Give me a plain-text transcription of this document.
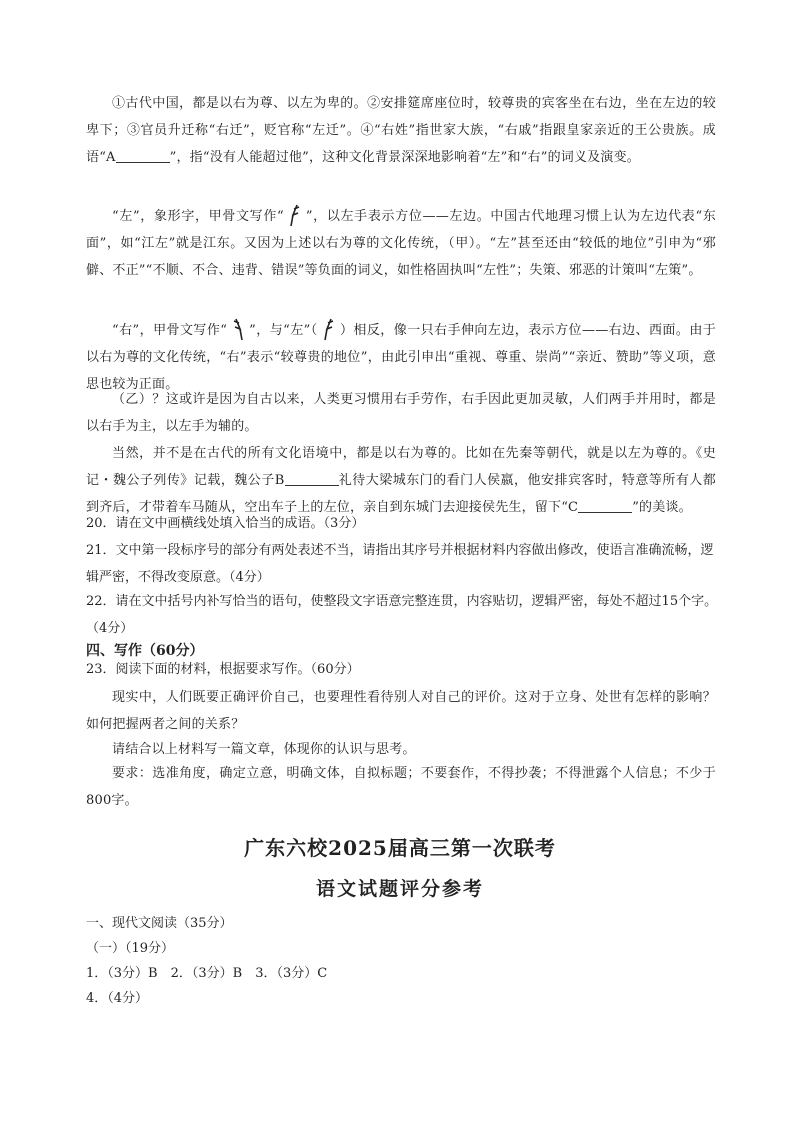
①古代中国，都是以右为尊、以左为卑的。②安排筵席座位时，较尊贵的宾客坐在右边，坐在左边的较卑下；③官员升迁称“右迁”，贬官称“左迁”。④“右姓”指世家大族，“右戚”指跟皇家亲近的王公贵族。成语“A	”，指“没有人能超过他”，这种文化背景深深地影响着“左”和“右”的词义及演变。

“左”，象形字，甲骨文写作“ ”，以左手表示方位——左边。中国古代地理习惯上认为左边代表“东面”，如“江左”就是江东。又因为上述以右为尊的文化传统，（甲）。“左”甚至还由“较低的地位”引申为“邪僻、不正”“不顺、不合、违背、错误”等负面的词义，如性格固执叫“左性”；失策、邪恶的计策叫“左策”。

“右”，甲骨文写作“ ”，与“左”（ ）相反，像一只右手伸向左边，表示方位——右边、西面。由于以右为尊的文化传统，“右”表示“较尊贵的地位”，由此引申出“重视、尊重、崇尚”“亲近、赞助”等义项，意思也较为正面。

（乙）？这或许是因为自古以来，人类更习惯用右手劳作，右手因此更加灵敏，人们两手并用时，都是以右手为主，以左手为辅的。

当然，并不是在古代的所有文化语境中，都是以右为尊的。比如在先秦等朝代，就是以左为尊的。《史记・魏公子列传》记载，魏公子B	礼待大梁城东门的看门人侯嬴，他安排宾客时，特意等所有人都到齐后，才带着车马随从，空出车子上的左位，亲自到东城门去迎接侯先生，留下“C	”的美谈。

20．请在文中画横线处填入恰当的成语。（3分）

21．文中第一段标序号的部分有两处表述不当，请指出其序号并根据材料内容做出修改，使语言准确流畅，逻辑严密，不得改变原意。（4分）

22．请在文中括号内补写恰当的语句，使整段文字语意完整连贯，内容贴切，逻辑严密，每处不超过15个字。（4分）

四、写作（60分）

23．阅读下面的材料，根据要求写作。（60分）

现实中，人们既要正确评价自己，也要理性看待别人对自己的评价。这对于立身、处世有怎样的影响？如何把握两者之间的关系？

请结合以上材料写一篇文章，体现你的认识与思考。

要求：选准角度，确定立意，明确文体，自拟标题；不要套作，不得抄袭；不得泄露个人信息；不少于800字。

广东六校2025届高三第一次联考

语文试题评分参考

一、现代文阅读（35分）

（一）（19分）

1．（3分）B　2．（3分）B　3．（3分）C

4．（4分）
